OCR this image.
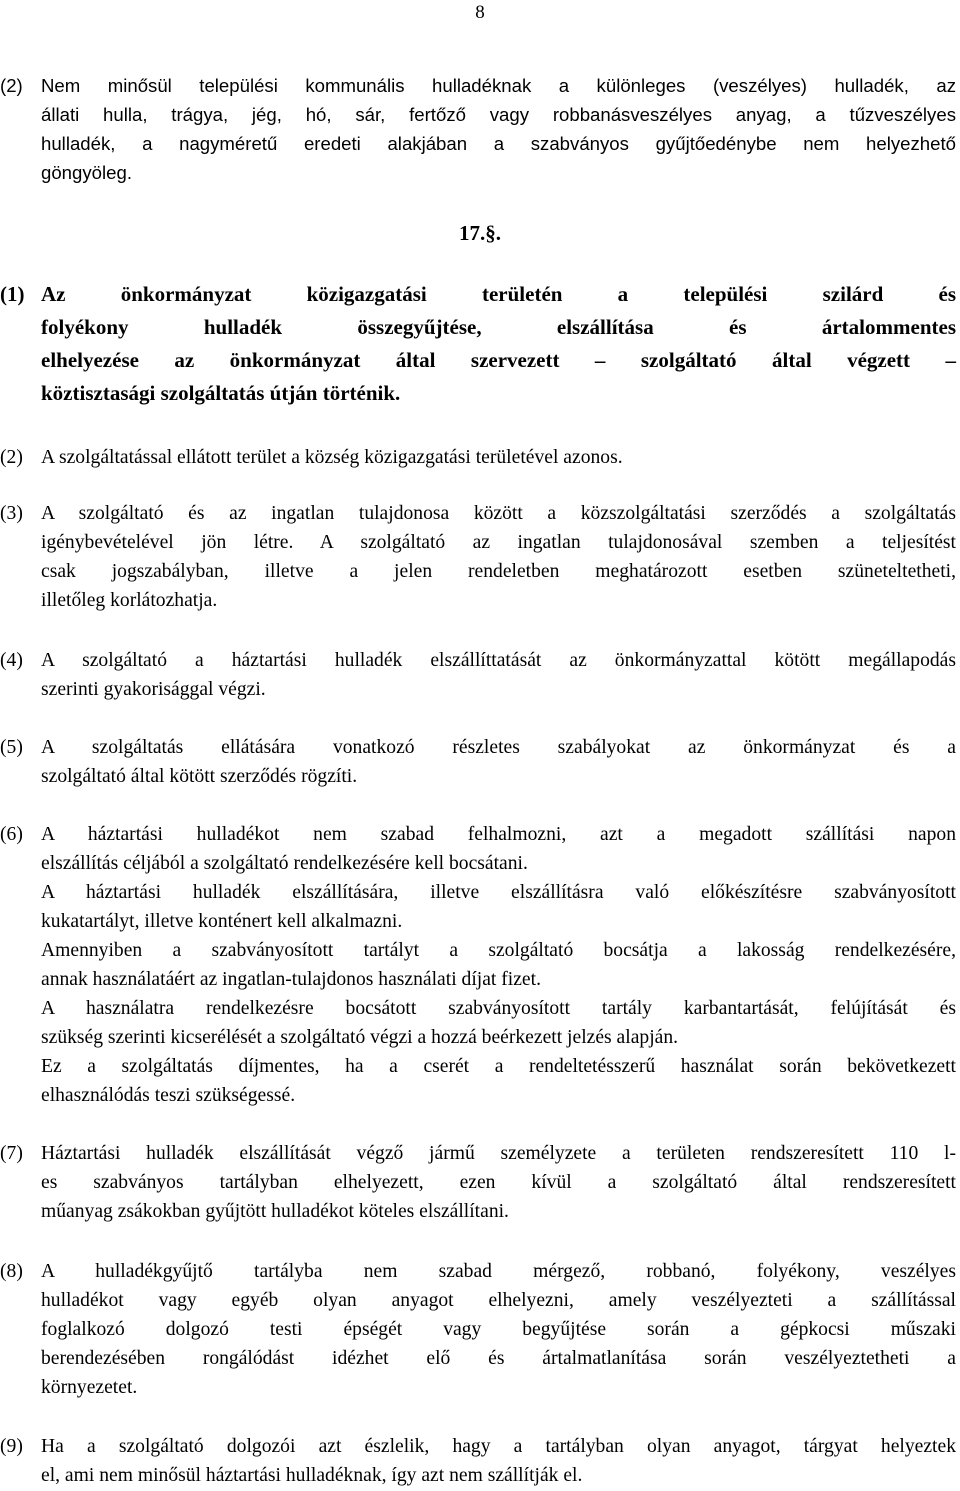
8
(2) Nem minősül települési kommunális hulladéknak a különleges (veszélyes) hulladék, az
állati hulla, trágya, jég, hó, sár, fertőző vagy robbanásveszélyes anyag, a tűzveszélyes
hulladék, a nagyméretű eredeti alakjában a szabványos gyűjtőedénybe nem helyezhető
göngyöleg.
17.§.
(1) Az önkormányzat közigazgatási területén a települési szilárd és
folyékony hulladék összegyűjtése, elszállítása és ártalommentes
elhelyezése az önkormányzat által szervezett – szolgáltató által végzett –
köztisztasági szolgáltatás útján történik.
(2) A szolgáltatással ellátott terület a község közigazgatási területével azonos.
(3) A szolgáltató és az ingatlan tulajdonosa között a közszolgáltatási szerződés a szolgáltatás
igénybevételével jön létre. A szolgáltató az ingatlan tulajdonosával szemben a teljesítést
csak jogszabályban, illetve a jelen rendeletben meghatározott esetben szüneteltetheti,
illetőleg korlátozhatja.
(4) A szolgáltató a háztartási hulladék elszállíttatását az önkormányzattal kötött megállapodás
szerinti gyakorisággal végzi.
(5) A szolgáltatás ellátására vonatkozó részletes szabályokat az önkormányzat és a
szolgáltató által kötött szerződés rögzíti.
(6) A háztartási hulladékot nem szabad felhalmozni, azt a megadott szállítási napon
elszállítás céljából a szolgáltató rendelkezésére kell bocsátani.
A háztartási hulladék elszállítására, illetve elszállításra való előkészítésre szabványosított
kukatartályt, illetve konténert kell alkalmazni.
Amennyiben a szabványosított tartályt a szolgáltató bocsátja a lakosság rendelkezésére,
annak használatáért az ingatlan-tulajdonos használati díjat fizet.
A használatra rendelkezésre bocsátott szabványosított tartály karbantartását, felújítását és
szükség szerinti kicserélését a szolgáltató végzi a hozzá beérkezett jelzés alapján.
Ez a szolgáltatás díjmentes, ha a cserét a rendeltetésszerű használat során bekövetkezett
elhasználódás teszi szükségessé.
(7) Háztartási hulladék elszállítását végző jármű személyzete a területen rendszeresített 110 l-
es szabványos tartályban elhelyezett, ezen kívül a szolgáltató által rendszeresített
műanyag zsákokban gyűjtött hulladékot köteles elszállítani.
(8) A hulladékgyűjtő tartályba nem szabad mérgező, robbanó, folyékony, veszélyes
hulladékot vagy egyéb olyan anyagot elhelyezni, amely veszélyezteti a szállítással
foglalkozó dolgozó testi épségét vagy begyűjtése során a gépkocsi műszaki
berendezésében rongálódást idézhet elő és ártalmatlanítása során veszélyeztetheti a
környezetet.
(9) Ha a szolgáltató dolgozói azt észlelik, hagy a tartályban olyan anyagot, tárgyat helyeztek
el, ami nem minősül háztartási hulladéknak, így azt nem szállítják el.
